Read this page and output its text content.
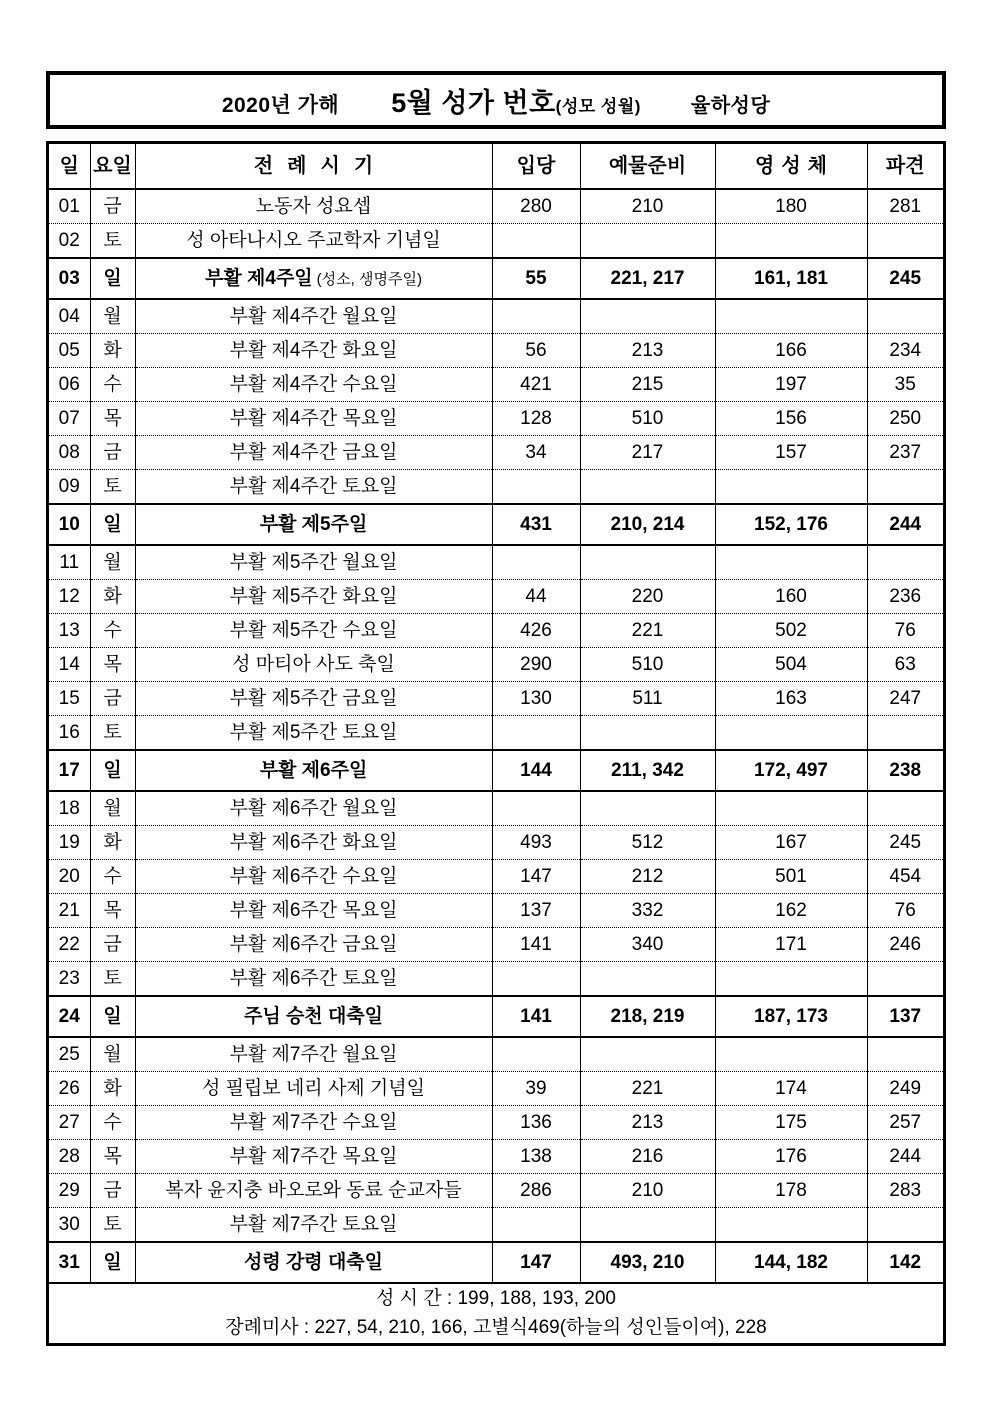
2020년 가해 5월 성가 번호 (성모 성월)	율하성당
일	요일	전례시기	입당	예물준비	영성체	파견
01	금	노동자 성요셉	280	210	180	281
02	토	성 아타나시오 주교학자 기념일				
03	일	부활 제4주일 (성소, 생명주일)	55	221, 217	161, 181	245
04	월	부활 제4주간 월요일				
05	화	부활 제4주간 화요일	56	213	166	234
06	수	부활 제4주간 수요일	421	215	197	35
07	목	부활 제4주간 목요일	128	510	156	250
08	금	부활 제4주간 금요일	34	217	157	237
09	토	부활 제4주간 토요일				
10	일	부활 제5주일	431	210, 214	152, 176	244
11	월	부활 제5주간 월요일				
12	화	부활 제5주간 화요일	44	220	160	236
13	수	부활 제5주간 수요일	426	221	502	76
14	목	성 마티아 사도 축일	290	510	504	63
15	금	부활 제5주간 금요일	130	511	163	247
16	토	부활 제5주간 토요일				
17	일	부활 제6주일	144	211, 342	172, 497	238
18	월	부활 제6주간 월요일				
19	화	부활 제6주간 화요일	493	512	167	245
20	수	부활 제6주간 수요일	147	212	501	454
21	목	부활 제6주간 목요일	137	332	162	76
22	금	부활 제6주간 금요일	141	340	171	246
23	토	부활 제6주간 토요일				
24	일	주님 승천 대축일	141	218, 219	187, 173	137
25	월	부활 제7주간 월요일				
26	화	성 필립보 네리 사제 기념일	39	221	174	249
27	수	부활 제7주간 수요일	136	213	175	257
28	목	부활 제7주간 목요일	138	216	176	244
29	금	복자 윤지충 바오로와 동료 순교자들	286	210	178	283
30	토	부활 제7주간 토요일				
31	일	성령 강령 대축일	147	493, 210	144, 182	142

성 시 간 : 199, 188, 193, 200
장례미사 : 227, 54, 210, 166, 고별식469(하늘의 성인들이여), 228						
